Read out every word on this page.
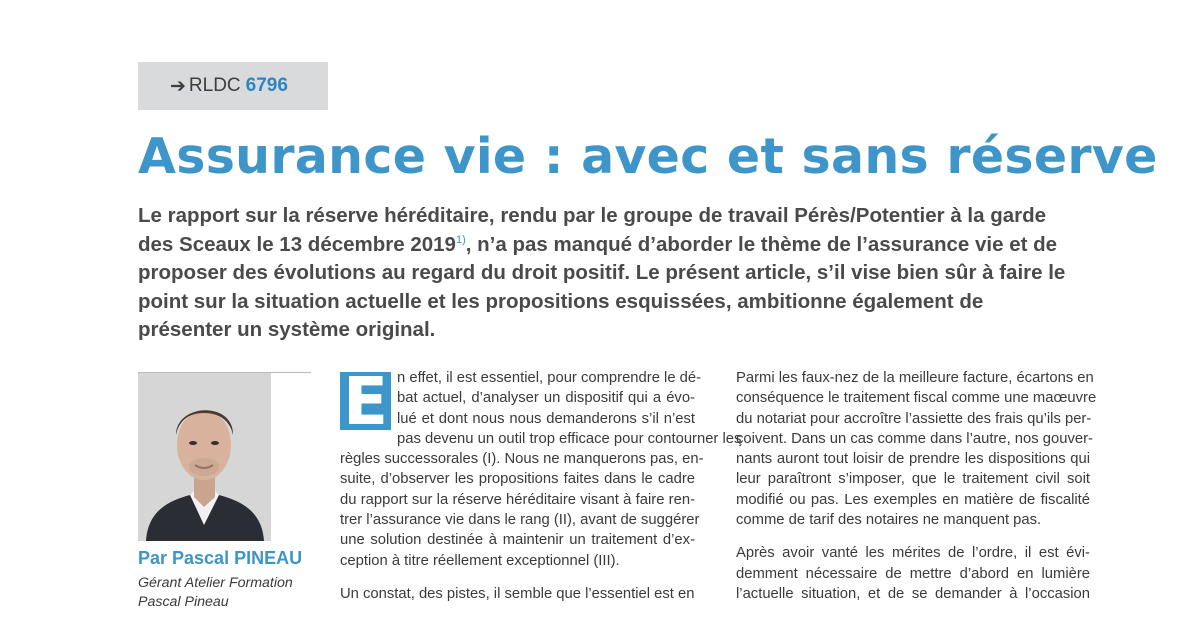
➔ RLDC 6796
Assurance vie : avec et sans réserve

Le rapport sur la réserve héréditaire, rendu par le groupe de travail Pérès/Potentier à la garde des Sceaux le 13 décembre 2019$^{1)}$, n’a pas manqué d’aborder le thème de l’assurance vie et de proposer des évolutions au regard du droit positif. Le présent article, s’il vise bien sûr à faire le point sur la situation actuelle et les propositions esquissées, ambitionne également de présenter un système original.

Par Pascal PINEAU

Gérant Atelier Formation
Pascal Pineau

E n effet, il est essentiel, pour comprendre le dé-
bat actuel, d’analyser un dispositif qui a évo-
lué et dont nous nous demanderons s’il n’est
pas devenu un outil trop efficace pour contourner les
règles successorales (I). Nous ne manquerons pas, en-
suite, d’observer les propositions faites dans le cadre
du rapport sur la réserve héréditaire visant à faire ren-
trer l’assurance vie dans le rang (II), avant de suggérer
une solution destinée à maintenir un traitement d’ex-
ception à titre réellement exceptionnel (III).

Un constat, des pistes, il semble que l’essentiel est en

Parmi les faux-nez de la meilleure facture, écartons en
conséquence le traitement fiscal comme une maœuvre
du notariat pour accroître l’assiette des frais qu’ils per-
çoivent. Dans un cas comme dans l’autre, nos gouver-
nants auront tout loisir de prendre les dispositions qui
leur paraîtront s’imposer, que le traitement civil soit
modifié ou pas. Les exemples en matière de fiscalité
comme de tarif des notaires ne manquent pas.

Après avoir vanté les mérites de l’ordre, il est évi-
demment nécessaire de mettre d’abord en lumière
l’actuelle situation, et de se demander à l’occasion
